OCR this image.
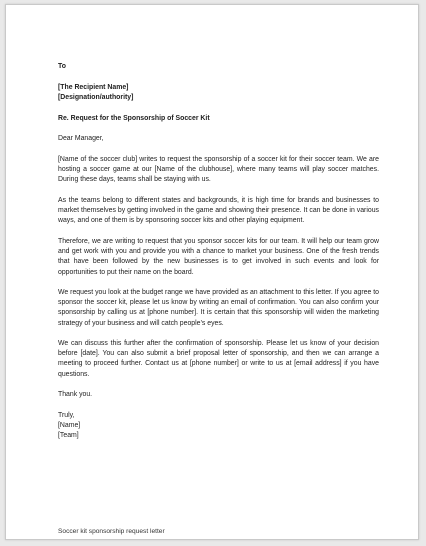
To
[The Recipient Name]
[Designation/authority]
Re. Request for the Sponsorship of Soccer Kit
Dear Manager,
[Name of the soccer club] writes to request the sponsorship of a soccer kit for their soccer team. We are hosting a soccer game at our [Name of the clubhouse], where many teams will play soccer matches. During these days, teams shall be staying with us.
As the teams belong to different states and backgrounds, it is high time for brands and businesses to market themselves by getting involved in the game and showing their presence. It can be done in various ways, and one of them is by sponsoring soccer kits and other playing equipment.
Therefore, we are writing to request that you sponsor soccer kits for our team. It will help our team grow and get work with you and provide you with a chance to market your business. One of the fresh trends that have been followed by the new businesses is to get involved in such events and look for opportunities to put their name on the board.
We request you look at the budget range we have provided as an attachment to this letter. If you agree to sponsor the soccer kit, please let us know by writing an email of confirmation. You can also confirm your sponsorship by calling us at [phone number]. It is certain that this sponsorship will widen the marketing strategy of your business and will catch people’s eyes.
We can discuss this further after the confirmation of sponsorship. Please let us know of your decision before [date]. You can also submit a brief proposal letter of sponsorship, and then we can arrange a meeting to proceed further. Contact us at [phone number] or write to us at [email address] if you have questions.
Thank you.
Truly,
[Name]
[Team]
Soccer kit sponsorship request letter
